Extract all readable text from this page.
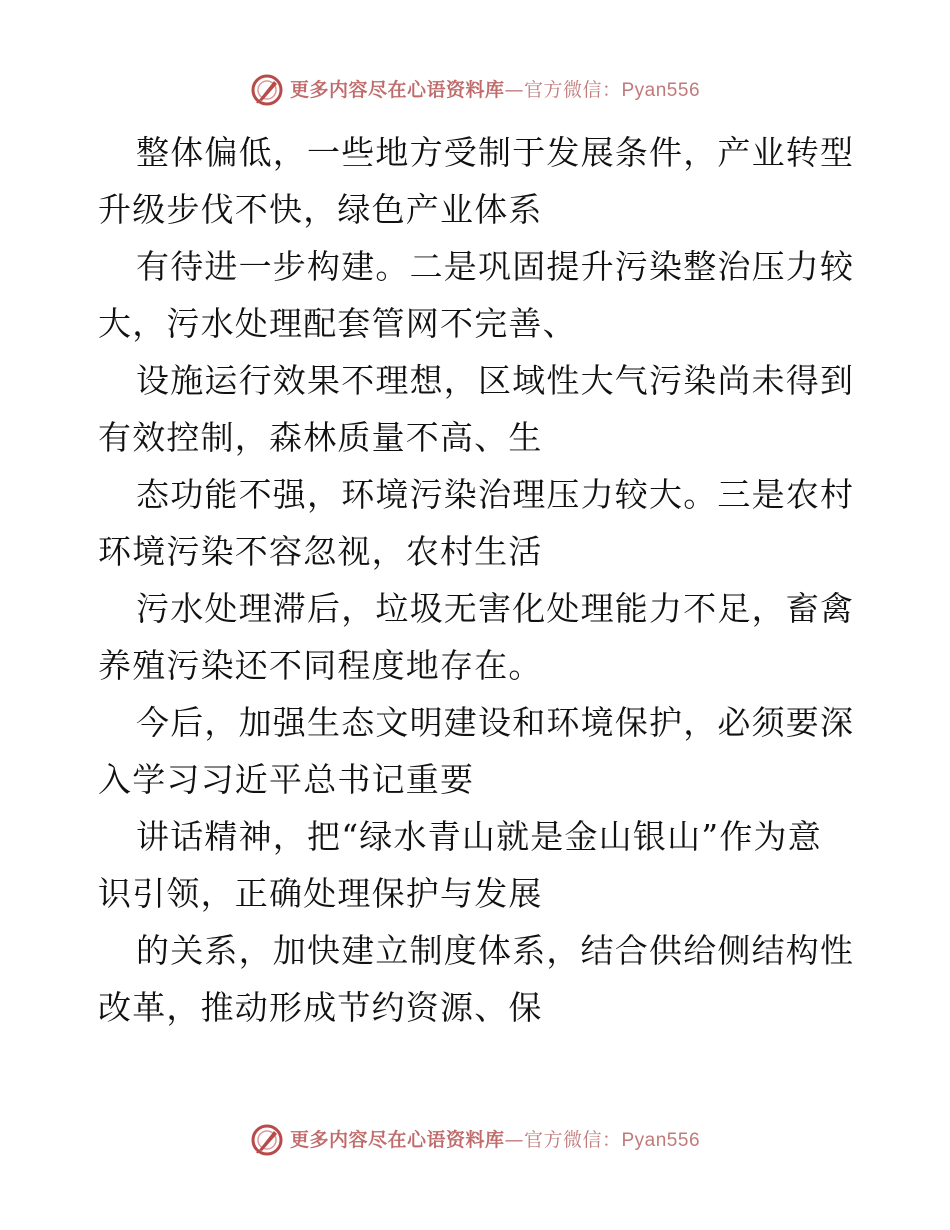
更多内容尽在心语资料库—官方微信：Pyan556

整体偏低，一些地方受制于发展条件，产业转型
升级步伐不快，绿色产业体系

有待进一步构建。二是巩固提升污染整治压力较
大，污水处理配套管网不完善、

设施运行效果不理想，区域性大气污染尚未得到
有效控制，森林质量不高、生

态功能不强，环境污染治理压力较大。三是农村
环境污染不容忽视，农村生活

污水处理滞后，垃圾无害化处理能力不足，畜禽
养殖污染还不同程度地存在。

今后，加强生态文明建设和环境保护，必须要深
入学习习近平总书记重要

讲话精神，把“绿水青山就是金山银山”作为意
识引领，正确处理保护与发展

的关系，加快建立制度体系，结合供给侧结构性
改革，推动形成节约资源、保

更多内容尽在心语资料库—官方微信：Pyan556
